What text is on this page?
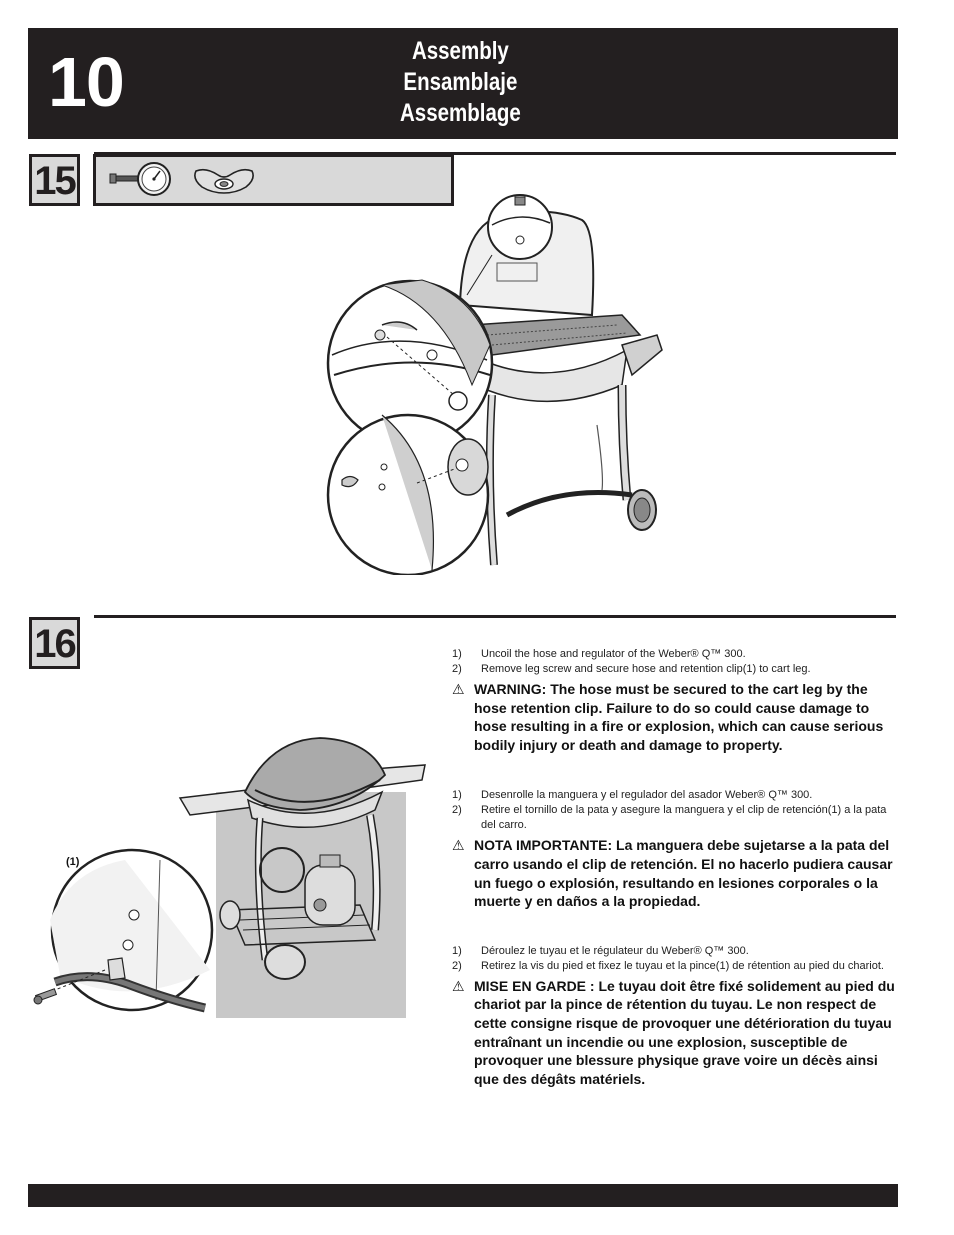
10	Assembly
Ensamblaje
Assemblage
15
16
(1)
1)	Uncoil the hose and regulator of the Weber® Q™ 300.
2)	Remove leg screw and secure hose and retention clip(1) to cart leg.
⚠ WARNING: The hose must be secured to the cart leg by the hose retention clip. Failure to do so could cause damage to hose resulting in a fire or explosion, which can cause serious bodily injury or death and damage to property.
1)	Desenrolle la manguera y el regulador del asador Weber® Q™ 300.
2)	Retire el tornillo de la pata y asegure la manguera y el clip de retención(1) a la pata del carro.
⚠ NOTA IMPORTANTE: La manguera debe sujetarse a la pata del carro usando el clip de retención. El no hacerlo pudiera causar un fuego o explosión, resultando en lesiones corporales o la muerte y en daños a la propiedad.
1)	Déroulez le tuyau et le régulateur du Weber® Q™ 300.
2)	Retirez la vis du pied et fixez le tuyau et la pince(1) de rétention au pied du chariot.
⚠ MISE EN GARDE : Le tuyau doit être fixé solidement au pied du chariot par la pince de rétention du tuyau. Le non respect de cette consigne risque de provoquer une détérioration du tuyau entraînant un incendie ou une explosion, susceptible de provoquer une blessure physique grave voire un décès ainsi que des dégâts matériels.
